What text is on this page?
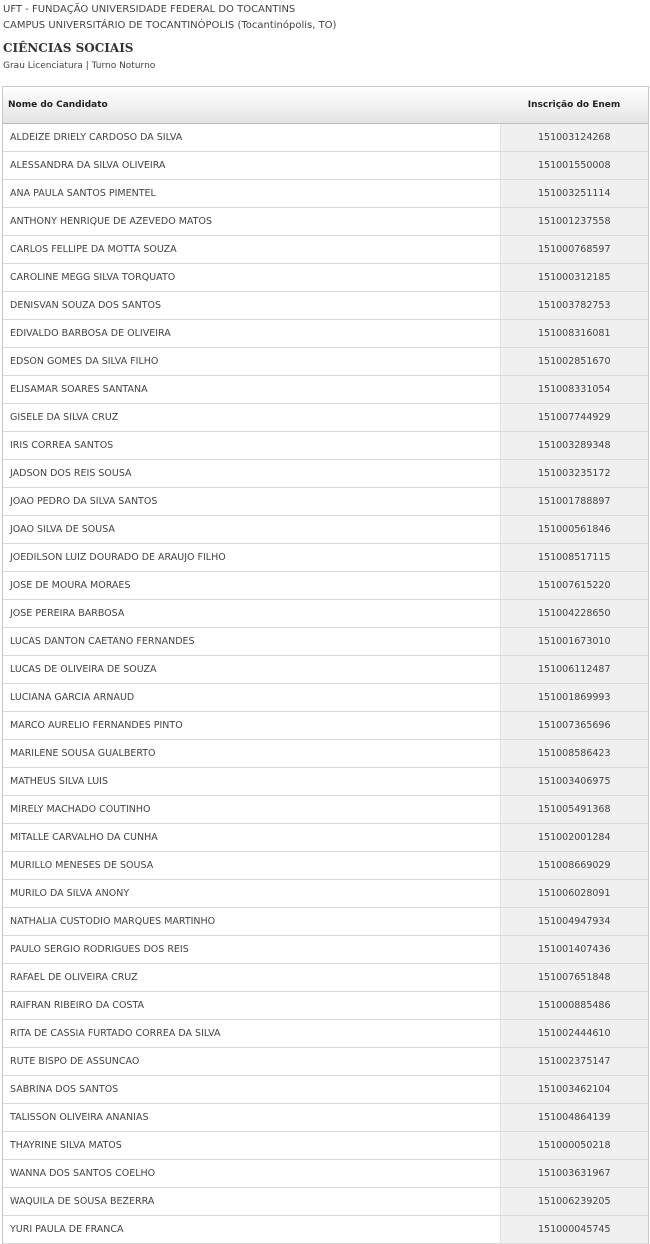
UFT - FUNDAÇÃO UNIVERSIDADE FEDERAL DO TOCANTINS
CAMPUS UNIVERSITÁRIO DE TOCANTINÓPOLIS (Tocantinópolis, TO)
CIÊNCIAS SOCIAIS
Grau Licenciatura | Turno Noturno
Nome do Candidato	Inscrição do Enem
ALDEIZE DRIELY CARDOSO DA SILVA	151003124268
ALESSANDRA DA SILVA OLIVEIRA	151001550008
ANA PAULA SANTOS PIMENTEL	151003251114
ANTHONY HENRIQUE DE AZEVEDO MATOS	151001237558
CARLOS FELLIPE DA MOTTA SOUZA	151000768597
CAROLINE MEGG SILVA TORQUATO	151000312185
DENISVAN SOUZA DOS SANTOS	151003782753
EDIVALDO BARBOSA DE OLIVEIRA	151008316081
EDSON GOMES DA SILVA FILHO	151002851670
ELISAMAR SOARES SANTANA	151008331054
GISELE DA SILVA CRUZ	151007744929
IRIS CORREA SANTOS	151003289348
JADSON DOS REIS SOUSA	151003235172
JOAO PEDRO DA SILVA SANTOS	151001788897
JOAO SILVA DE SOUSA	151000561846
JOEDILSON LUIZ DOURADO DE ARAUJO FILHO	151008517115
JOSE DE MOURA MORAES	151007615220
JOSE PEREIRA BARBOSA	151004228650
LUCAS DANTON CAETANO FERNANDES	151001673010
LUCAS DE OLIVEIRA DE SOUZA	151006112487
LUCIANA GARCIA ARNAUD	151001869993
MARCO AURELIO FERNANDES PINTO	151007365696
MARILENE SOUSA GUALBERTO	151008586423
MATHEUS SILVA LUIS	151003406975
MIRELY MACHADO COUTINHO	151005491368
MITALLE CARVALHO DA CUNHA	151002001284
MURILLO MENESES DE SOUSA	151008669029
MURILO DA SILVA ANONY	151006028091
NATHALIA CUSTODIO MARQUES MARTINHO	151004947934
PAULO SERGIO RODRIGUES DOS REIS	151001407436
RAFAEL DE OLIVEIRA CRUZ	151007651848
RAIFRAN RIBEIRO DA COSTA	151000885486
RITA DE CASSIA FURTADO CORREA DA SILVA	151002444610
RUTE BISPO DE ASSUNCAO	151002375147
SABRINA DOS SANTOS	151003462104
TALISSON OLIVEIRA ANANIAS	151004864139
THAYRINE SILVA MATOS	151000050218
WANNA DOS SANTOS COELHO	151003631967
WAQUILA DE SOUSA BEZERRA	151006239205
YURI PAULA DE FRANCA	151000045745
